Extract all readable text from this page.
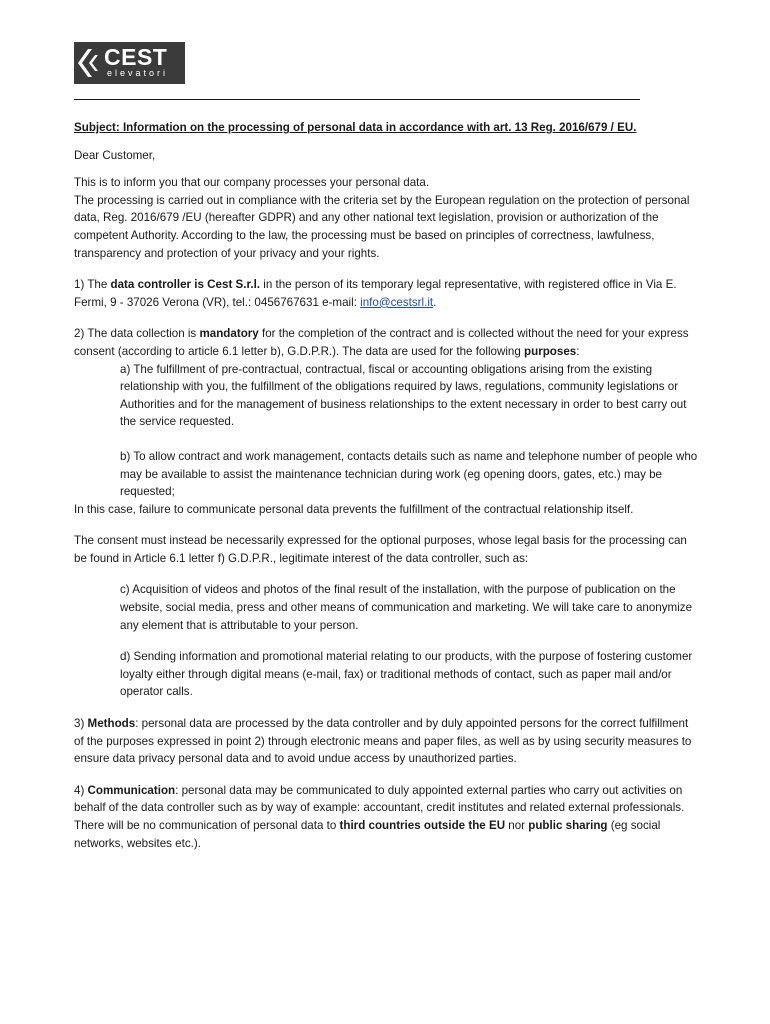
CEST
elevatori

Subject: Information on the processing of personal data in accordance with art. 13 Reg. 2016/679 / EU.

Dear Customer,

This is to inform you that our company processes your personal data.
The processing is carried out in compliance with the criteria set by the European regulation on the protection of personal data, Reg. 2016/679 /EU (hereafter GDPR) and any other national text legislation, provision or authorization of the competent Authority. According to the law, the processing must be based on principles of correctness, lawfulness, transparency and protection of your privacy and your rights.

1) The data controller is Cest S.r.l. in the person of its temporary legal representative, with registered office in Via E. Fermi, 9 - 37026 Verona (VR), tel.: 0456767631 e-mail: info@cestsrl.it.

2) The data collection is mandatory for the completion of the contract and is collected without the need for your express consent (according to article 6.1 letter b), G.D.P.R.). The data are used for the following purposes:

a) The fulfillment of pre-contractual, contractual, fiscal or accounting obligations arising from the existing relationship with you, the fulfillment of the obligations required by laws, regulations, community legislations or Authorities and for the management of business relationships to the extent necessary in order to best carry out the service requested.

b) To allow contract and work management, contacts details such as name and telephone number of people who may be available to assist the maintenance technician during work (eg opening doors, gates, etc.) may be requested;

In this case, failure to communicate personal data prevents the fulfillment of the contractual relationship itself.

The consent must instead be necessarily expressed for the optional purposes, whose legal basis for the processing can be found in Article 6.1 letter f) G.D.P.R., legitimate interest of the data controller, such as:

c) Acquisition of videos and photos of the final result of the installation, with the purpose of publication on the website, social media, press and other means of communication and marketing. We will take care to anonymize any element that is attributable to your person.

d) Sending information and promotional material relating to our products, with the purpose of fostering customer loyalty either through digital means (e-mail, fax) or traditional methods of contact, such as paper mail and/or operator calls.

3) Methods: personal data are processed by the data controller and by duly appointed persons for the correct fulfillment of the purposes expressed in point 2) through electronic means and paper files, as well as by using security measures to ensure data privacy personal data and to avoid undue access by unauthorized parties.

4) Communication: personal data may be communicated to duly appointed external parties who carry out activities on behalf of the data controller such as by way of example: accountant, credit institutes and related external professionals. There will be no communication of personal data to third countries outside the EU nor public sharing (eg social networks, websites etc.).
